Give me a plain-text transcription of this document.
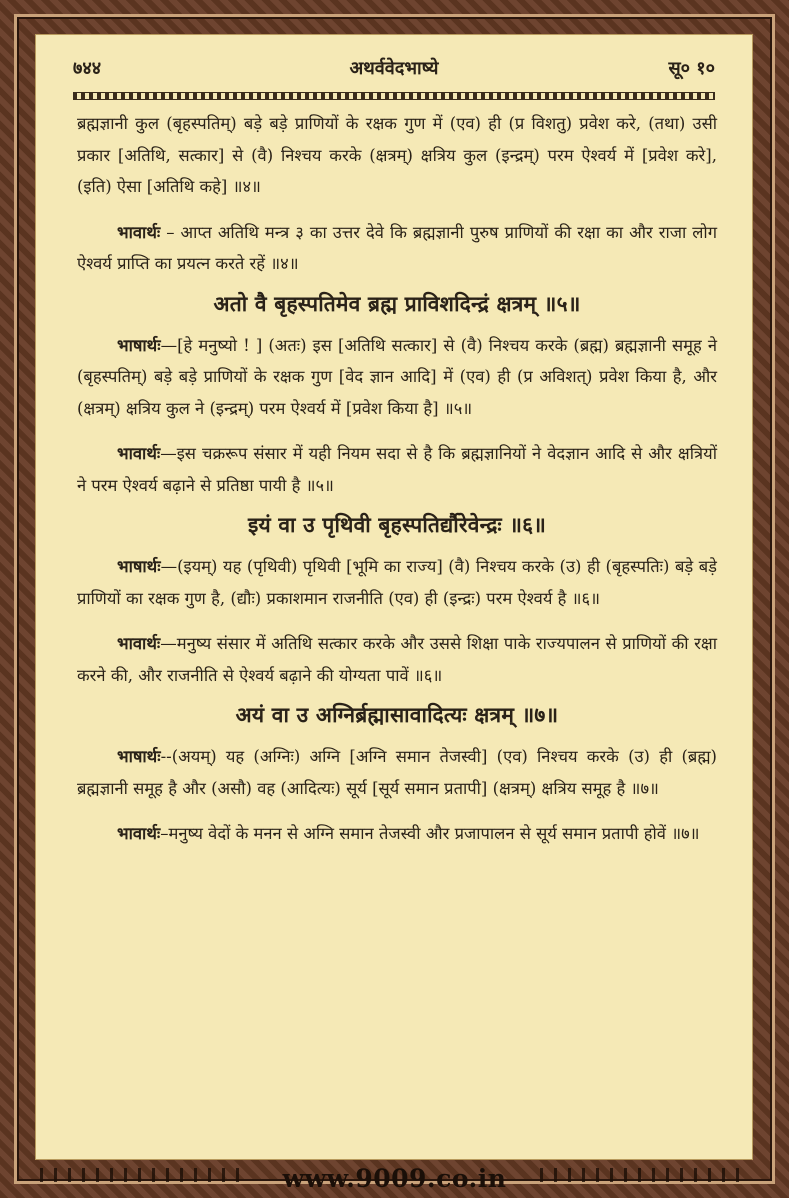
७४४	अथर्ववेदभाष्ये	सू० १०

ब्रह्मज्ञानी कुल (बृहस्पतिम्) बड़े बड़े प्राणियों के रक्षक गुण में (एव) ही (प्र विशतु) प्रवेश करे, (तथा) उसी प्रकार [अतिथि, सत्कार] से (वै) निश्चय करके (क्षत्रम्) क्षत्रिय कुल (इन्द्रम्) परम ऐश्वर्य में [प्रवेश करे], (इति) ऐसा [अतिथि कहे] ॥४॥

भावार्थः – आप्त अतिथि मन्त्र ३ का उत्तर देवे कि ब्रह्मज्ञानी पुरुष प्राणियों की रक्षा का और राजा लोग ऐश्वर्य प्राप्ति का प्रयत्न करते रहें ॥४॥

अतो वै बृहस्पतिमेव ब्रह्म प्राविशदिन्द्रं क्षत्रम् ॥५॥

भाषार्थः—[हे मनुष्यो ! ] (अतः) इस [अतिथि सत्कार] से (वै) निश्चय करके (ब्रह्म) ब्रह्मज्ञानी समूह ने (बृहस्पतिम्) बड़े बड़े प्राणियों के रक्षक गुण [वेद ज्ञान आदि] में (एव) ही (प्र अविशत्) प्रवेश किया है, और (क्षत्रम्) क्षत्रिय कुल ने (इन्द्रम्) परम ऐश्वर्य में [प्रवेश किया है] ॥५॥

भावार्थः—इस चक्ररूप संसार में यही नियम सदा से है कि ब्रह्मज्ञानियों ने वेदज्ञान आदि से और क्षत्रियों ने परम ऐश्वर्य बढ़ाने से प्रतिष्ठा पायी है ॥५॥

इयं वा उ पृथिवी बृहस्पतिर्द्यौरेवेन्द्रः ॥६॥

भाषार्थः—(इयम्) यह (पृथिवी) पृथिवी [भूमि का राज्य] (वै) निश्चय करके (उ) ही (बृहस्पतिः) बड़े बड़े प्राणियों का रक्षक गुण है, (द्यौः) प्रकाशमान राजनीति (एव) ही (इन्द्रः) परम ऐश्वर्य है ॥६॥

भावार्थः—मनुष्य संसार में अतिथि सत्कार करके और उससे शिक्षा पाके राज्यपालन से प्राणियों की रक्षा करने की, और राजनीति से ऐश्वर्य बढ़ाने की योग्यता पावें ॥६॥

अयं वा उ अग्निर्ब्रह्मासावादित्यः क्षत्रम् ॥७॥

भाषार्थः--(अयम्) यह (अग्निः) अग्नि [अग्नि समान तेजस्वी] (एव) निश्चय करके (उ) ही (ब्रह्म) ब्रह्मज्ञानी समूह है और (असौ) वह (आदित्यः) सूर्य [सूर्य समान प्रतापी] (क्षत्रम्) क्षत्रिय समूह है ॥७॥

भावार्थः–मनुष्य वेदों के मनन से अग्नि समान तेजस्वी और प्रजापालन से सूर्य समान प्रतापी होवें ॥७॥

www.9009.co.in
